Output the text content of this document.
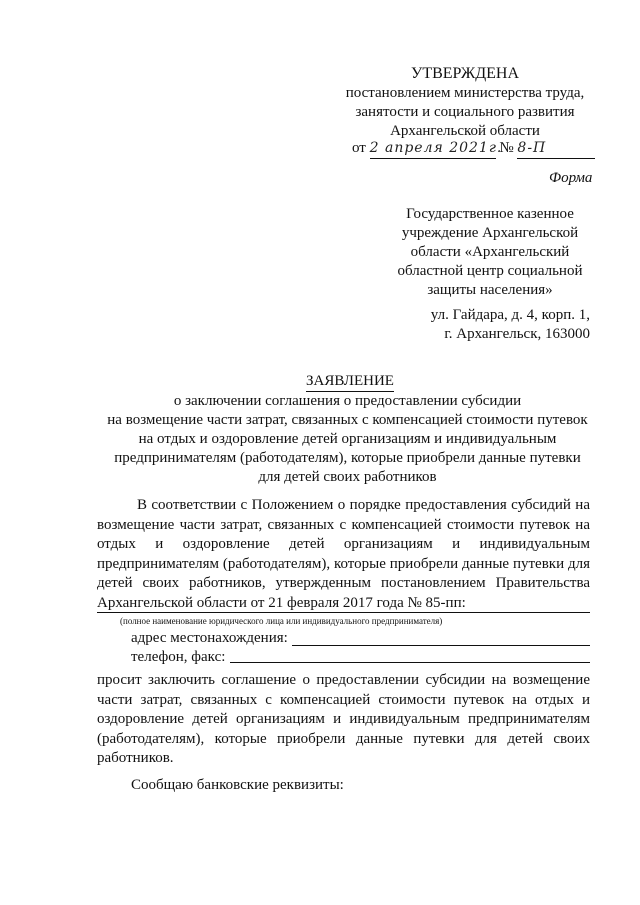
УТВЕРЖДЕНА
постановлением министерства труда,
занятости и социального развития
Архангельской области
от 2 апреля 2021г. № 8-П
Форма
Государственное казенное
учреждение Архангельской
области «Архангельский
областной центр социальной
защиты населения»
ул. Гайдара, д. 4, корп. 1,
г. Архангельск, 163000
ЗАЯВЛЕНИЕ
о заключении соглашения о предоставлении субсидии
на возмещение части затрат, связанных с компенсацией стоимости путевок
на отдых и оздоровление детей организациям и индивидуальным
предпринимателям (работодателям), которые приобрели данные путевки
для детей своих работников
В соответствии с Положением о порядке предоставления субсидий на возмещение части затрат, связанных с компенсацией стоимости путевок на отдых и оздоровление детей организациям и индивидуальным предпринимателям (работодателям), которые приобрели данные путевки для детей своих работников, утвержденным постановлением Правительства Архангельской области от 21 февраля 2017 года № 85-пп:
(полное наименование юридического лица или индивидуального предпринимателя)
адрес местонахождения:
телефон, факс:
просит заключить соглашение о предоставлении субсидии на возмещение части затрат, связанных с компенсацией стоимости путевок на отдых и оздоровление детей организациям и индивидуальным предпринимателям (работодателям), которые приобрели данные путевки для детей своих работников.
Сообщаю банковские реквизиты:
